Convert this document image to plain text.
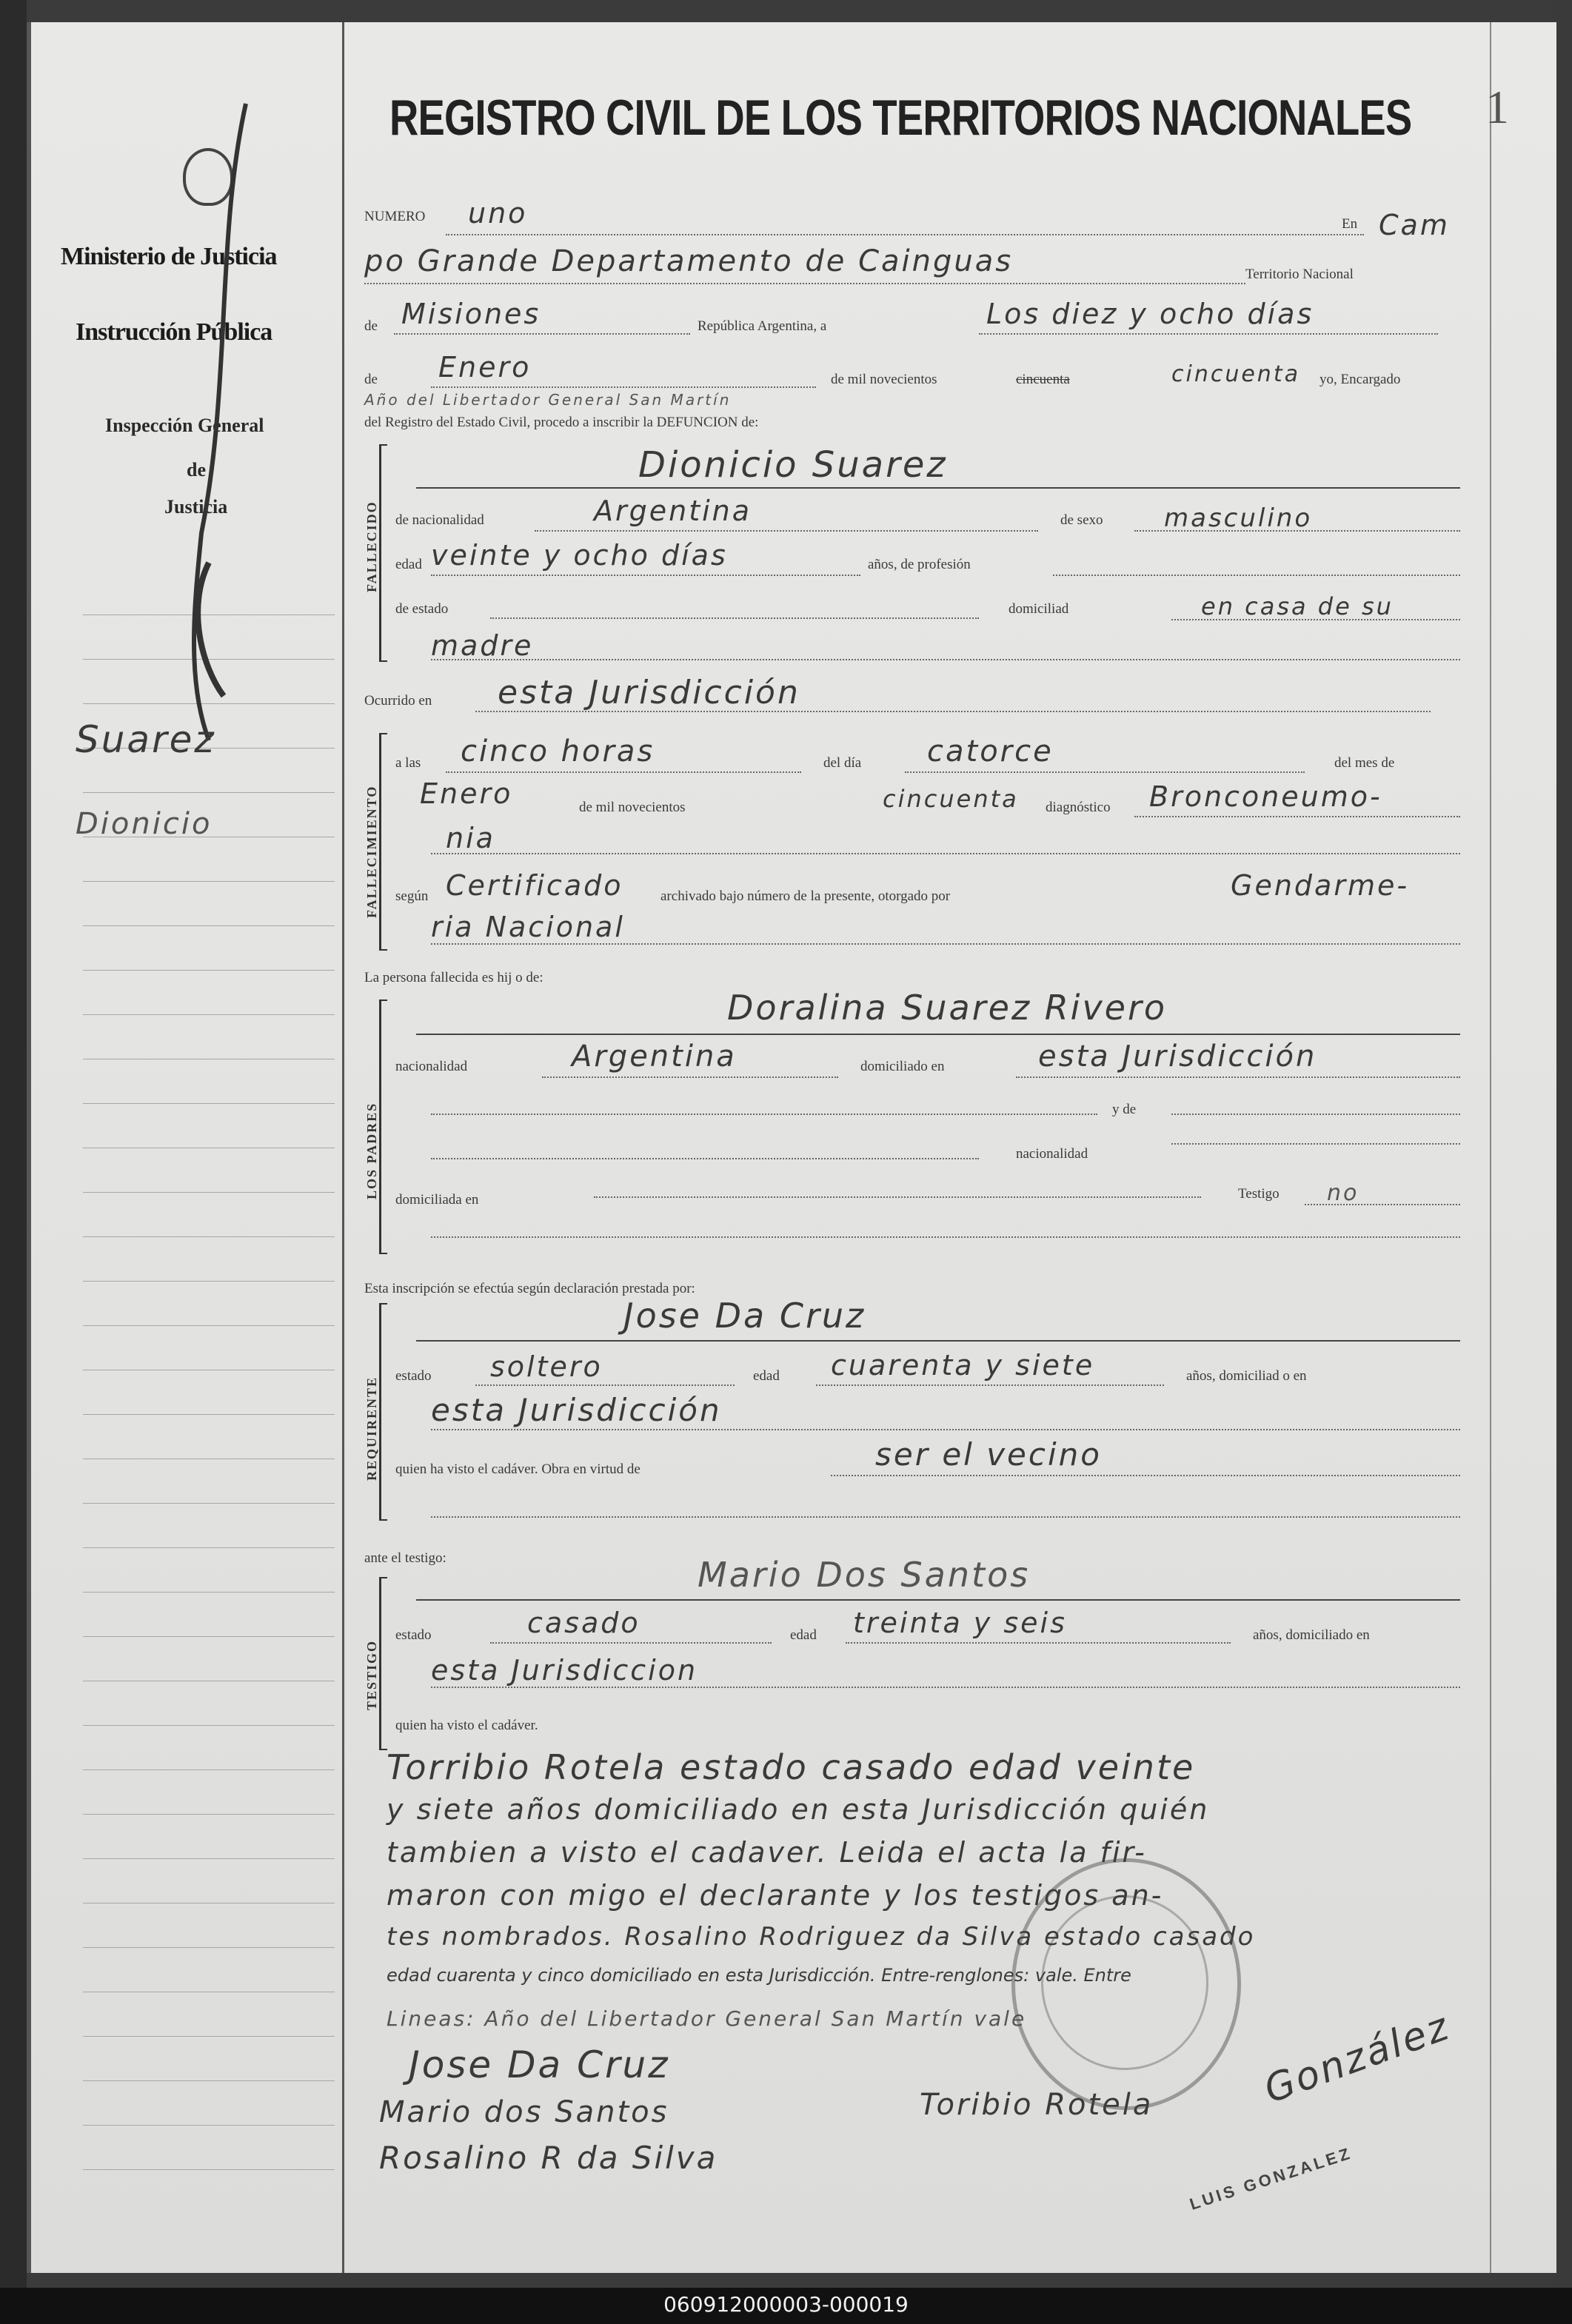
Ministerio de Justicia
Instrucción Pública
Inspección General
de
Justicia
Suarez
Dionicio
REGISTRO CIVIL DE LOS TERRITORIOS NACIONALES 1
NUMERO uno	En Cam
po Grande Departamento de Cainguas	Territorio Nacional
de Misiones	República Argentina, a	Los diez y ocho días
de Enero	de mil novecientos	cincuenta	cincuenta yo, Encargado
Año del Libertador General San Martín
del Registro del Estado Civil, procedo a inscribir la DEFUNCION de:
FALLECIDO
Dionicio Suarez
de nacionalidad	Argentina	de sexo masculino
edad veinte y ocho días	años, de profesión
de estado	domiciliad	en casa de su
madre
Ocurrido en esta Jurisdicción
FALLECIMIENTO
a las cinco horas	del día catorce	del mes de
Enero	de mil novecientos	cincuenta diagnóstico Bronconeumo-
nia
según Certificado	archivado bajo número de la presente, otorgado por	Gendarme-
ria Nacional
La persona fallecida es hij o de:
LOS PADRES
Doralina Suarez Rivero
nacionalidad	Argentina	domiciliado en	esta Jurisdicción
y de
nacionalidad
domiciliada en	Testigo no
Esta inscripción se efectúa según declaración prestada por:
REQUIRENTE
Jose Da Cruz
estado soltero	edad cuarenta y siete	años, domiciliad o en
esta Jurisdicción
quien ha visto el cadáver. Obra en virtud de	ser el vecino
ante el testigo:
TESTIGO
Mario Dos Santos
estado	casado	edad treinta y seis	años, domiciliado en
esta Jurisdiccion
quien ha visto el cadáver.
Torribio Rotela estado casado edad veinte
y siete años domiciliado en esta Jurisdicción quién
tambien a visto el cadaver. Leida el acta la fir-
maron con migo el declarante y los testigos an-
tes nombrados. Rosalino Rodriguez da Silva estado casado
edad cuarenta y cinco domiciliado en esta Jurisdicción. Entre-renglones: vale. Entre
Lineas: Año del Libertador General San Martín vale
Jose Da Cruz
Mario dos Santos	Toribio Rotela
Rosalino R da Silva
González
LUIS GONZALEZ
060912000003-000019
